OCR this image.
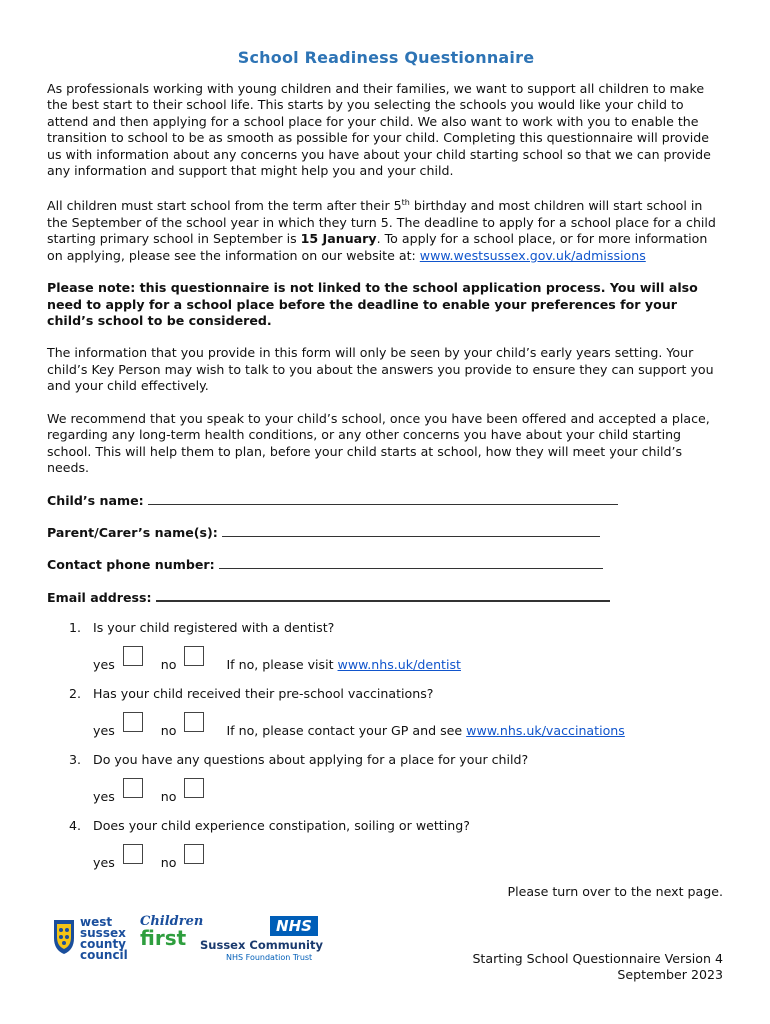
School Readiness Questionnaire

As professionals working with young children and their families, we want to support all children to make the best start to their school life. This starts by you selecting the schools you would like your child to attend and then applying for a school place for your child. We also want to work with you to enable the transition to school to be as smooth as possible for your child. Completing this questionnaire will provide us with information about any concerns you have about your child starting school so that we can provide any information and support that might help you and your child.

All children must start school from the term after their 5th birthday and most children will start school in the September of the school year in which they turn 5. The deadline to apply for a school place for a child starting primary school in September is 15 January. To apply for a school place, or for more information on applying, please see the information on our website at: www.westsussex.gov.uk/admissions

Please note: this questionnaire is not linked to the school application process. You will also need to apply for a school place before the deadline to enable your preferences for your child’s school to be considered.

The information that you provide in this form will only be seen by your child’s early years setting. Your child’s Key Person may wish to talk to you about the answers you provide to ensure they can support you and your child effectively.

We recommend that you speak to your child’s school, once you have been offered and accepted a place, regarding any long-term health conditions, or any other concerns you have about your child starting school. This will help them to plan, before your child starts at school, how they will meet your child’s needs.

Child’s name:
Parent/Carer’s name(s):
Contact phone number:
Email address:
1. Is your child registered with a dentist?
yes	no	If no, please visit www.nhs.uk/dentist
2. Has your child received their pre-school vaccinations?
yes	no	If no, please contact your GP and see www.nhs.uk/vaccinations
3. Do you have any questions about applying for a place for your child?
yes	no
4. Does your child experience constipation, soiling or wetting?
yes	no
Please turn over to the next page.
west
sussex
county
council
Children
first	NHS
Sussex Community
NHS Foundation Trust	Starting School Questionnaire Version 4
September 2023
